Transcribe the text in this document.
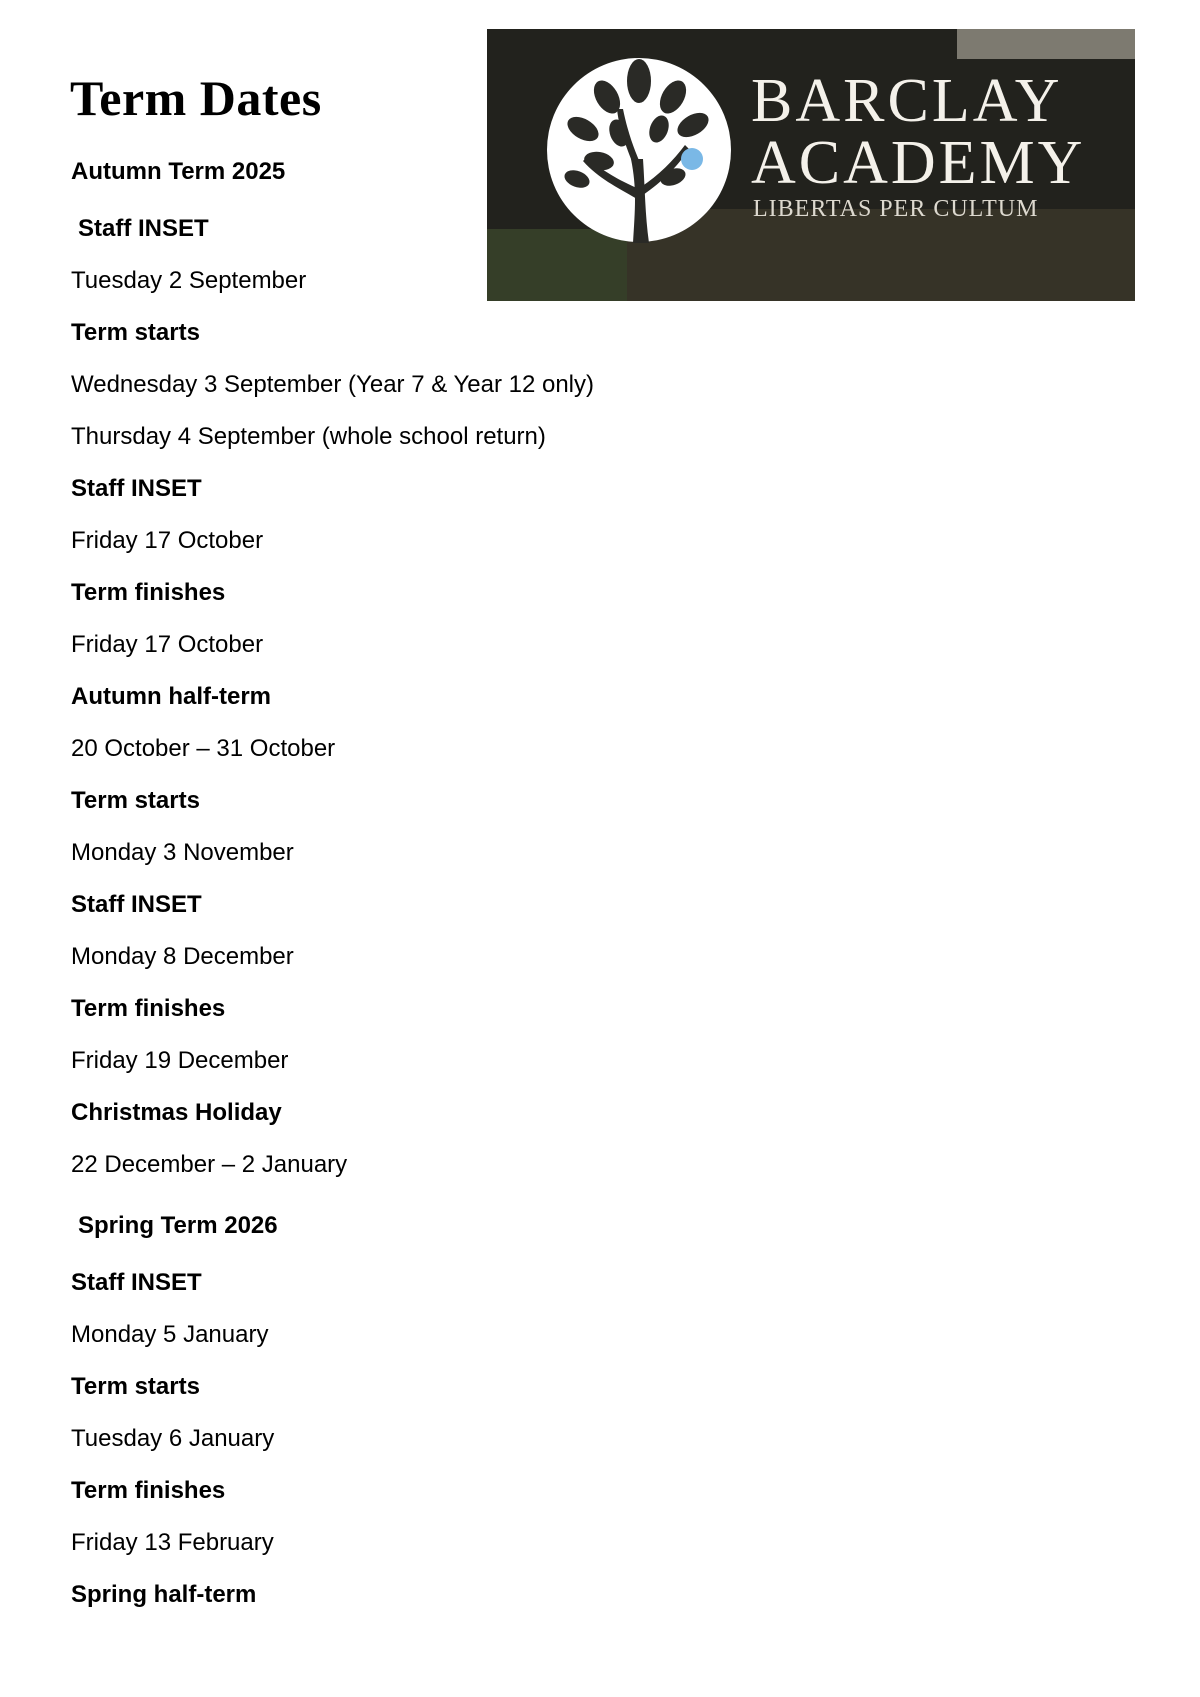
Term Dates
Autumn Term 2025
Staff INSET
Tuesday 2 September
Term starts
Wednesday 3 September (Year 7 & Year 12 only)
Thursday 4 September (whole school return)
Staff INSET
Friday 17 October
Term finishes
Friday 17 October
Autumn half-term
20 October – 31 October
Term starts
Monday 3 November
Staff INSET
Monday 8 December
Term finishes
Friday 19 December
Christmas Holiday
22 December – 2 January
Spring Term 2026
Staff INSET
Monday 5 January
Term starts
Tuesday 6 January
Term finishes
Friday 13 February
Spring half-term
BARCLAY
ACADEMY
LIBERTAS PER CULTUM
